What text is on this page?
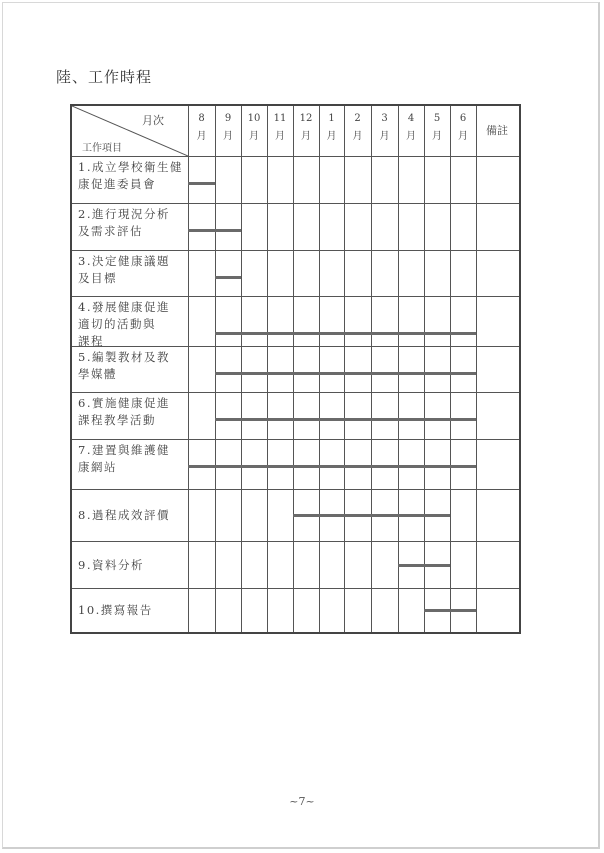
陸、工作時程
月次
工作項目
備註
8
月
9
月
10
月
11
月
12
月
1
月
2
月
3
月
4
月
5
月
6
月
1.成立學校衛生健
康促進委員會
2.進行現況分析
及需求評估
3.決定健康議題
及目標
4.發展健康促進
適切的活動與
課程
5.編製教材及教
學媒體
6.實施健康促進
課程教學活動
7.建置與維護健
康網站
8.過程成效評價
9.資料分析
10.撰寫報告
~7~
